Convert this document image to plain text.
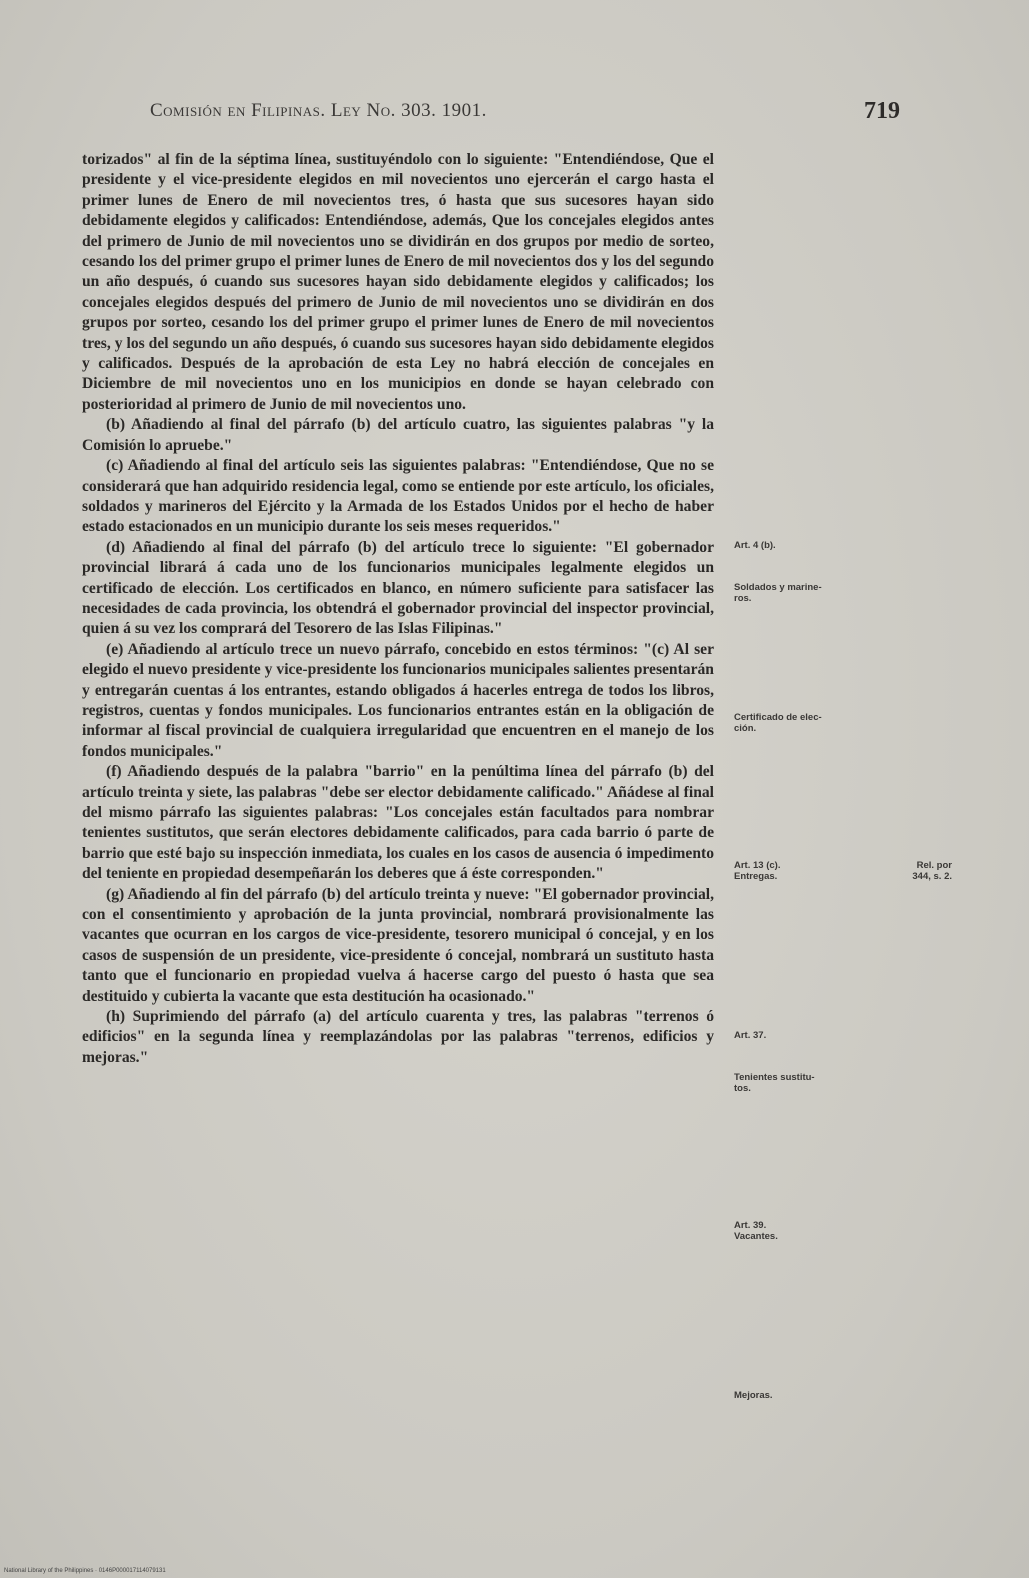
Comisión en Filipinas. Ley No. 303. 1901.	719

torizados" al fin de la séptima línea, sustituyéndolo con lo siguiente: "Entendiéndose, Que el presidente y el vice-presidente elegidos en mil novecientos uno ejercerán el cargo hasta el primer lunes de Enero de mil novecientos tres, ó hasta que sus sucesores hayan sido debidamente elegidos y calificados: Entendiéndose, además, Que los concejales elegidos antes del primero de Junio de mil novecientos uno se dividirán en dos grupos por medio de sorteo, cesando los del primer grupo el primer lunes de Enero de mil novecientos dos y los del segundo un año después, ó cuando sus sucesores hayan sido debidamente elegidos y calificados; los concejales elegidos después del primero de Junio de mil novecientos uno se dividirán en dos grupos por sorteo, cesando los del primer grupo el primer lunes de Enero de mil novecientos tres, y los del segundo un año después, ó cuando sus sucesores hayan sido debidamente elegidos y calificados. Después de la aprobación de esta Ley no habrá elección de concejales en Diciembre de mil novecientos uno en los municipios en donde se hayan celebrado con posterioridad al primero de Junio de mil novecientos uno.

(b) Añadiendo al final del párrafo (b) del artículo cuatro, las siguientes palabras "y la Comisión lo apruebe."

(c) Añadiendo al final del artículo seis las siguientes palabras: "Entendiéndose, Que no se considerará que han adquirido residencia legal, como se entiende por este artículo, los oficiales, soldados y marineros del Ejército y la Armada de los Estados Unidos por el hecho de haber estado estacionados en un municipio durante los seis meses requeridos."

(d) Añadiendo al final del párrafo (b) del artículo trece lo siguiente: "El gobernador provincial librará á cada uno de los funcionarios municipales legalmente elegidos un certificado de elección. Los certificados en blanco, en número suficiente para satisfacer las necesidades de cada provincia, los obtendrá el gobernador provincial del inspector provincial, quien á su vez los comprará del Tesorero de las Islas Filipinas."

(e) Añadiendo al artículo trece un nuevo párrafo, concebido en estos términos: "(c) Al ser elegido el nuevo presidente y vice-presidente los funcionarios municipales salientes presentarán y entregarán cuentas á los entrantes, estando obligados á hacerles entrega de todos los libros, registros, cuentas y fondos municipales. Los funcionarios entrantes están en la obligación de informar al fiscal provincial de cualquiera irregularidad que encuentren en el manejo de los fondos municipales."

(f) Añadiendo después de la palabra "barrio" en la penúltima línea del párrafo (b) del artículo treinta y siete, las palabras "debe ser elector debidamente calificado." Añádese al final del mismo párrafo las siguientes palabras: "Los concejales están facultados para nombrar tenientes sustitutos, que serán electores debidamente calificados, para cada barrio ó parte de barrio que esté bajo su inspección inmediata, los cuales en los casos de ausencia ó impedimento del teniente en propiedad desempeñarán los deberes que á éste corresponden."

(g) Añadiendo al fin del párrafo (b) del artículo treinta y nueve: "El gobernador provincial, con el consentimiento y aprobación de la junta provincial, nombrará provisionalmente las vacantes que ocurran en los cargos de vice-presidente, tesorero municipal ó concejal, y en los casos de suspensión de un presidente, vice-presidente ó concejal, nombrará un sustituto hasta tanto que el funcionario en propiedad vuelva á hacerse cargo del puesto ó hasta que sea destituido y cubierta la vacante que esta destitución ha ocasionado."

(h) Suprimiendo del párrafo (a) del artículo cuarenta y tres, las palabras "terrenos ó edificios" en la segunda línea y reemplazándolas por las palabras "terrenos, edificios y mejoras."

Art. 4 (b).
Soldados y marine-
ros.
Certificado de elec-
ción.
Art. 13 (c).
Entregas.
Rel. por
344, s. 2.
Art. 37.
Tenientes sustitu-
tos.
Art. 39.
Vacantes.
Mejoras.
National Library of the Philippines · 0146P000017114079131
